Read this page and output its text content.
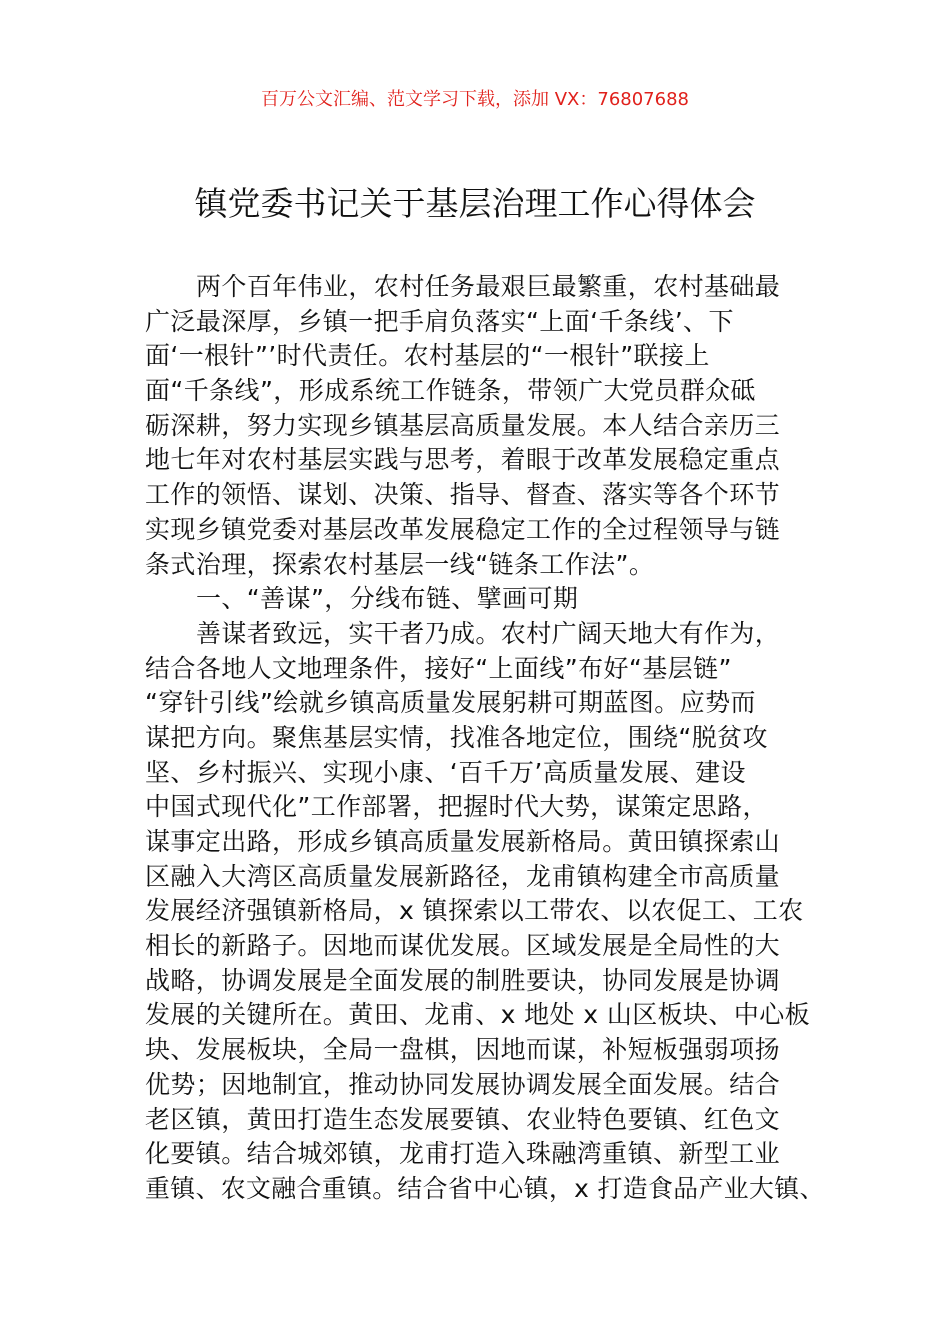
百万公文汇编、范文学习下载，添加 VX：76807688
镇党委书记关于基层治理工作心得体会
两个百年伟业，农村任务最艰巨最繁重，农村基础最
广泛最深厚，乡镇一把手肩负落实“上面‘千条线’、下
面‘一根针”’时代责任。农村基层的“一根针”联接上
面“千条线”，形成系统工作链条，带领广大党员群众砥
砺深耕，努力实现乡镇基层高质量发展。本人结合亲历三
地七年对农村基层实践与思考，着眼于改革发展稳定重点
工作的领悟、谋划、决策、指导、督查、落实等各个环节
实现乡镇党委对基层改革发展稳定工作的全过程领导与链
条式治理，探索农村基层一线“链条工作法”。
一、“善谋”，分线布链、擘画可期
善谋者致远，实干者乃成。农村广阔天地大有作为，
结合各地人文地理条件，接好“上面线”布好“基层链”
“穿针引线”绘就乡镇高质量发展躬耕可期蓝图。应势而
谋把方向。聚焦基层实情，找准各地定位，围绕“脱贫攻
坚、乡村振兴、实现小康、‘百千万’高质量发展、建设
中国式现代化”工作部署，把握时代大势，谋策定思路，
谋事定出路，形成乡镇高质量发展新格局。黄田镇探索山
区融入大湾区高质量发展新路径，龙甫镇构建全市高质量
发展经济强镇新格局，x 镇探索以工带农、以农促工、工农
相长的新路子。因地而谋优发展。区域发展是全局性的大
战略，协调发展是全面发展的制胜要诀，协同发展是协调
发展的关键所在。黄田、龙甫、x 地处 x 山区板块、中心板
块、发展板块，全局一盘棋，因地而谋，补短板强弱项扬
优势；因地制宜，推动协同发展协调发展全面发展。结合
老区镇，黄田打造生态发展要镇、农业特色要镇、红色文
化要镇。结合城郊镇，龙甫打造入珠融湾重镇、新型工业
重镇、农文融合重镇。结合省中心镇，x 打造食品产业大镇、
